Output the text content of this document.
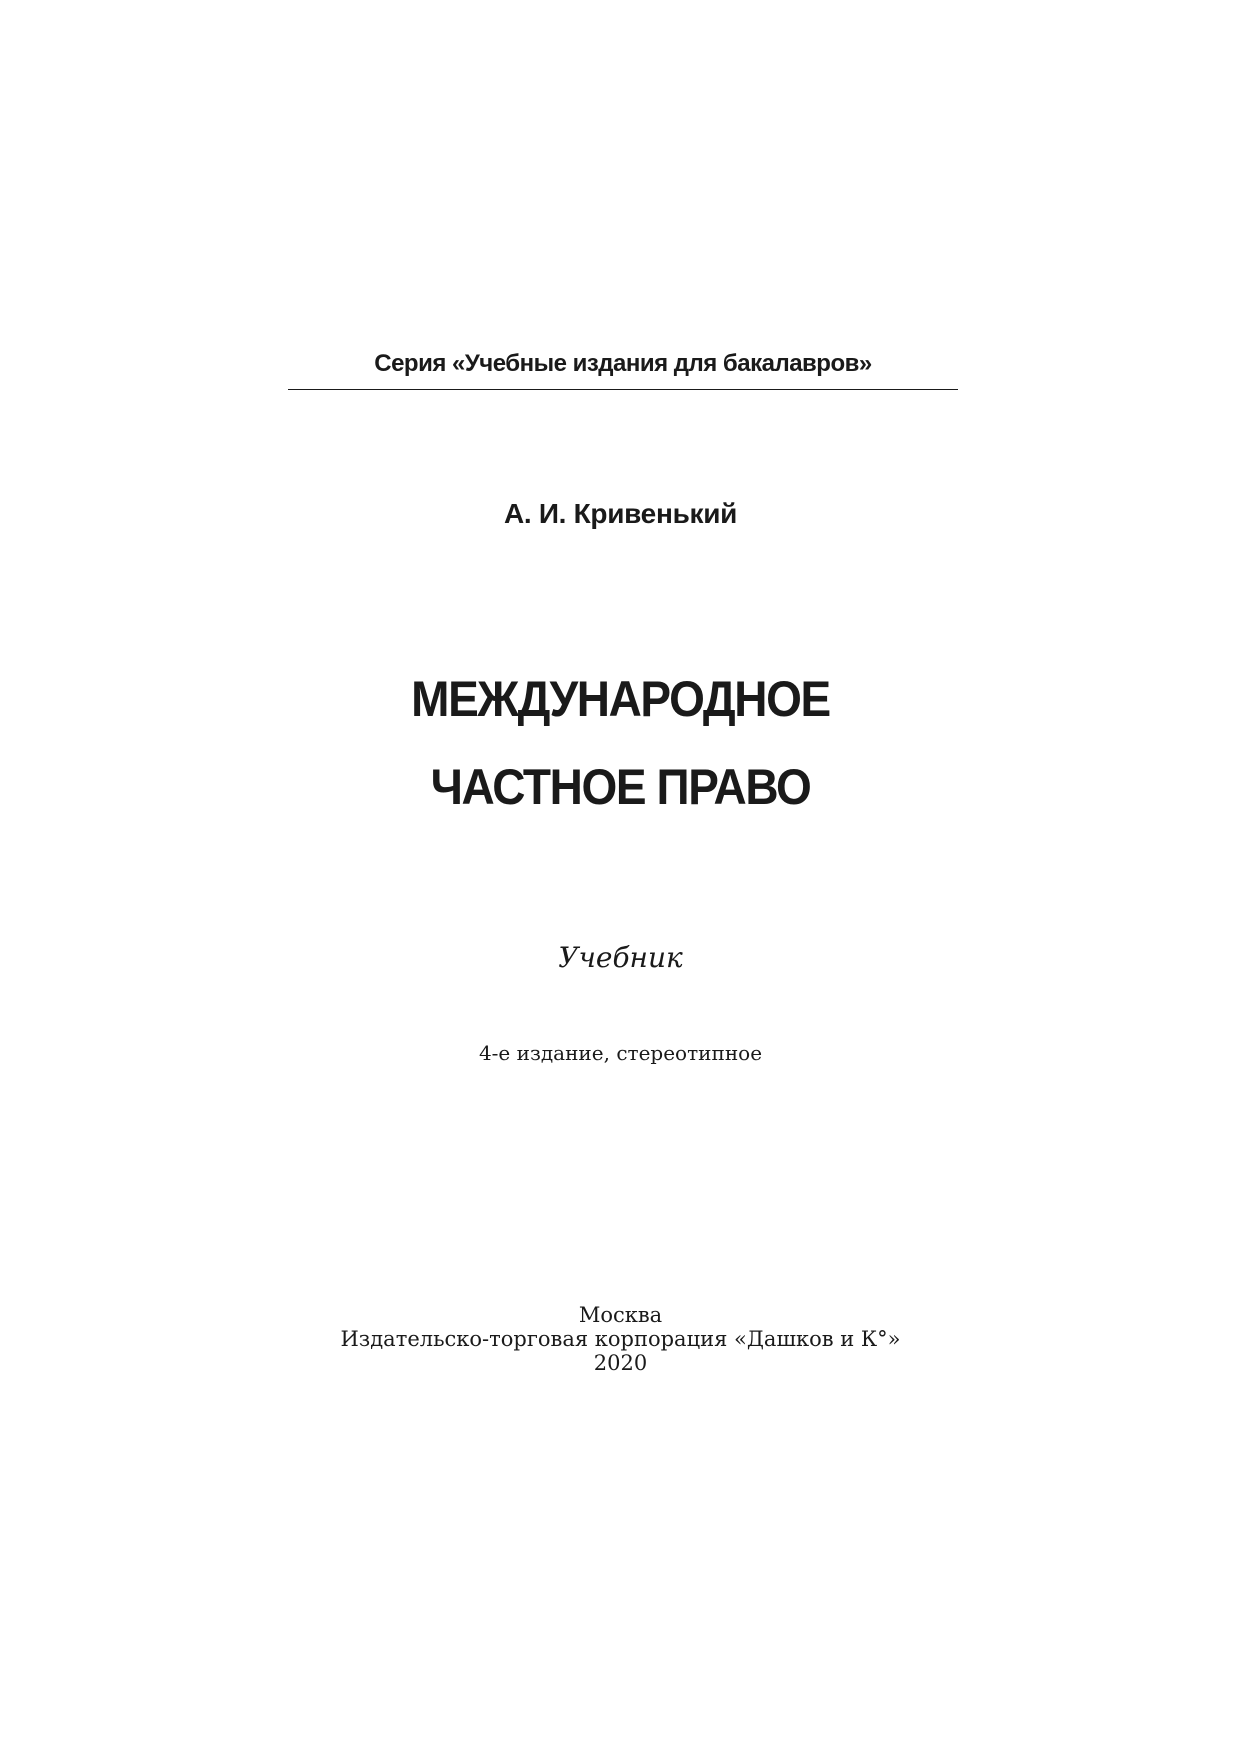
Серия «Учебные издания для бакалавров»
А. И. Кривенький
МЕЖДУНАРОДНОЕ
ЧАСТНОЕ ПРАВО
Учебник
4-е издание, стереотипное
Москва
Издательско-торговая корпорация «Дашков и К°»
2020
